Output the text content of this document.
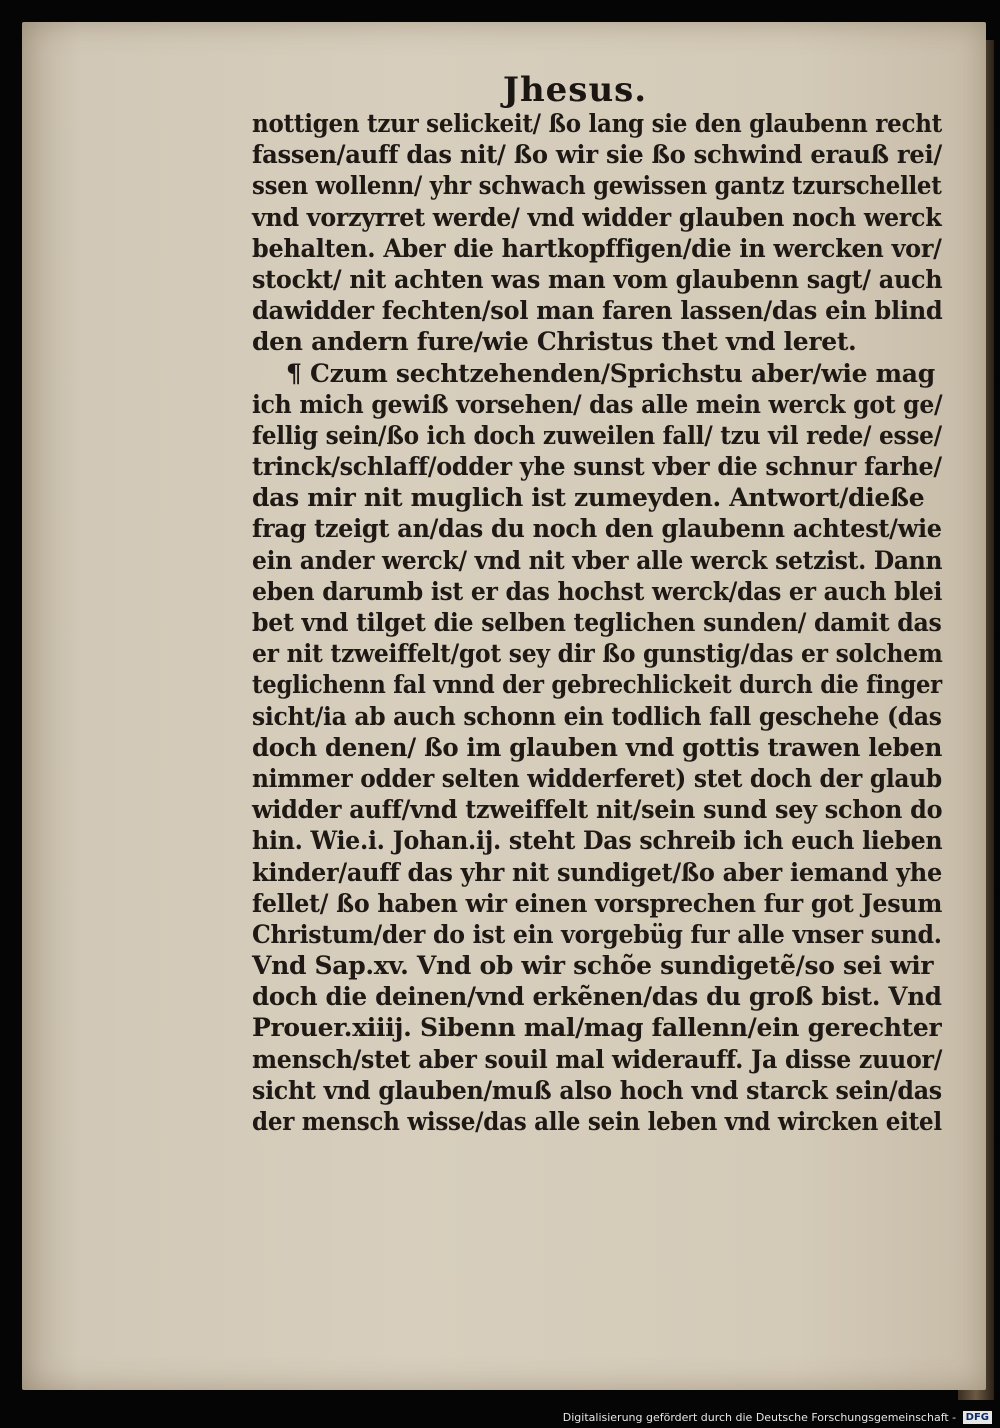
Jhesus.
nottigen tzur selickeit/ ßo lang sie den glaubenn recht
fassen/auff das nit/ ßo wir sie ßo schwind erauß rei/
ssen wollenn/ yhr schwach gewissen gantz tzurschellet
vnd vorzyrret werde/ vnd widder glauben noch werck
behalten. Aber die hartkopffigen/die in wercken vor/
stockt/ nit achten was man vom glaubenn sagt/ auch
dawidder fechten/sol man faren lassen/das ein blind
den andern fure/wie Christus thet vnd leret.
¶ Czum sechtzehenden/Sprichstu aber/wie mag
ich mich gewiß vorsehen/ das alle mein werck got ge/
fellig sein/ßo ich doch zuweilen fall/ tzu vil rede/ esse/
trinck/schlaff/odder yhe sunst vber die schnur farhe/
das mir nit muglich ist zumeyden. Antwort/dieße
frag tzeigt an/das du noch den glaubenn achtest/wie
ein ander werck/ vnd nit vber alle werck setzist. Dann
eben darumb ist er das hochst werck/das er auch blei
bet vnd tilget die selben teglichen sunden/ damit das
er nit tzweiffelt/got sey dir ßo gunstig/das er solchem
teglichenn fal vnnd der gebrechlickeit durch die finger
sicht/ia ab auch schonn ein todlich fall geschehe (das
doch denen/ ßo im glauben vnd gottis trawen leben
nimmer odder selten widderferet) stet doch der glaub
widder auff/vnd tzweiffelt nit/sein sund sey schon do
hin. Wie.i. Johan.ij. steht Das schreib ich euch lieben
kinder/auff das yhr nit sundiget/ßo aber iemand yhe
fellet/ ßo haben wir einen vorsprechen fur got Jesum
Christum/der do ist ein vorgebüg fur alle vnser sund.
Vnd Sap.xv. Vnd ob wir schõe sundigetẽ/so sei wir
doch die deinen/vnd erkẽnen/das du groß bist. Vnd
Prouer.xiiij. Sibenn mal/mag fallenn/ein gerechter
mensch/stet aber souil mal widerauff. Ja disse zuuor/
sicht vnd glauben/muß also hoch vnd starck sein/das
der mensch wisse/das alle sein leben vnd wircken eitel
Digitalisierung gefördert durch die Deutsche Forschungsgemeinschaft - DFG
